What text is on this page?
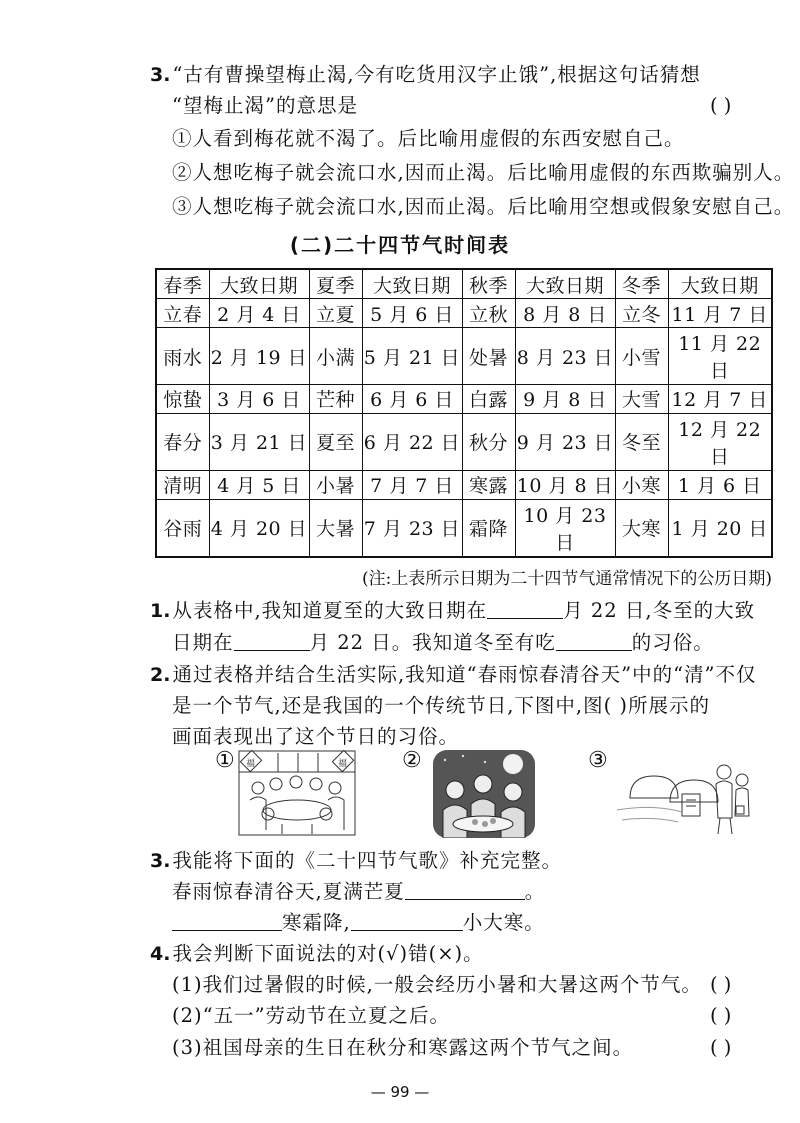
3. “古有曹操望梅止渴,今有吃货用汉字止饿”,根据这句话猜想
“望梅止渴”的意思是	( )
①人看到梅花就不渴了。后比喻用虚假的东西安慰自己。
②人想吃梅子就会流口水,因而止渴。后比喻用虚假的东西欺骗别人。
③人想吃梅子就会流口水,因而止渴。后比喻用空想或假象安慰自己。
(二)二十四节气时间表
春季	大致日期	夏季	大致日期	秋季	大致日期	冬季	大致日期
立春	2 月 4 日	立夏	5 月 6 日	立秋	8 月 8 日	立冬	11 月 7 日
雨水	2 月 19 日	小满	5 月 21 日	处暑	8 月 23 日	小雪	11 月 22 日
惊蛰	3 月 6 日	芒种	6 月 6 日	白露	9 月 8 日	大雪	12 月 7 日
春分	3 月 21 日	夏至	6 月 22 日	秋分	9 月 23 日	冬至	12 月 22 日
清明	4 月 5 日	小暑	7 月 7 日	寒露	10 月 8 日	小寒	1 月 6 日
谷雨	4 月 20 日	大暑	7 月 23 日	霜降	10 月 23 日	大寒	1 月 20 日
(注:上表所示日期为二十四节气通常情况下的公历日期)
1. 从表格中,我知道夏至的大致日期在	月 22 日,冬至的大致
日期在	月 22 日。我知道冬至有吃	的习俗。
2. 通过表格并结合生活实际,我知道“春雨惊春清谷天”中的“清”不仅
是一个节气,还是我国的一个传统节日,下图中,图( )所展示的
画面表现出了这个节日的习俗。
① 福	福 ②	③
3. 我能将下面的《二十四节气歌》补充完整。
春雨惊春清谷天,夏满芒夏	。
寒霜降,	小大寒。
4. 我会判断下面说法的对(√)错(×)。
(1)我们过暑假的时候,一般会经历小暑和大暑这两个节气。 ( )
(2)“五一”劳动节在立夏之后。	( )
(3)祖国母亲的生日在秋分和寒露这两个节气之间。	( )
— 99 —
